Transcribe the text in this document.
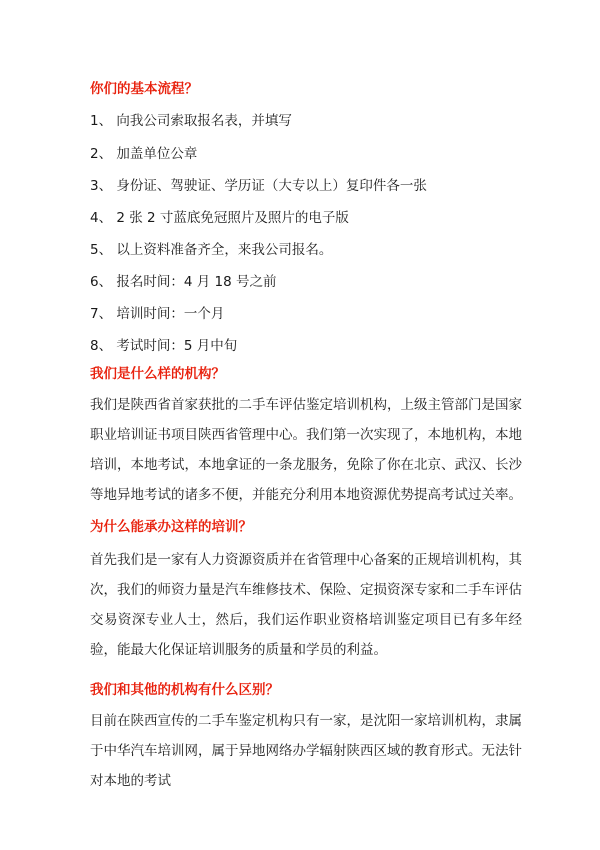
你们的基本流程？

1、 向我公司索取报名表，并填写

2、 加盖单位公章

3、 身份证、驾驶证、学历证（大专以上）复印件各一张

4、 2 张 2 寸蓝底免冠照片及照片的电子版

5、 以上资料准备齐全，来我公司报名。

6、 报名时间：4 月 18 号之前

7、 培训时间：一个月

8、 考试时间：5 月中旬

我们是什么样的机构？

我们是陕西省首家获批的二手车评估鉴定培训机构，上级主管部门是国家职业培训证书项目陕西省管理中心。我们第一次实现了，本地机构，本地培训，本地考试，本地拿证的一条龙服务，免除了你在北京、武汉、长沙等地异地考试的诸多不便，并能充分利用本地资源优势提高考试过关率。

为什么能承办这样的培训？

首先我们是一家有人力资源资质并在省管理中心备案的正规培训机构，其次，我们的师资力量是汽车维修技术、保险、定损资深专家和二手车评估交易资深专业人士，然后，我们运作职业资格培训鉴定项目已有多年经验，能最大化保证培训服务的质量和学员的利益。

我们和其他的机构有什么区别？

目前在陕西宣传的二手车鉴定机构只有一家，是沈阳一家培训机构，隶属于中华汽车培训网，属于异地网络办学辐射陕西区域的教育形式。无法针对本地的考试
